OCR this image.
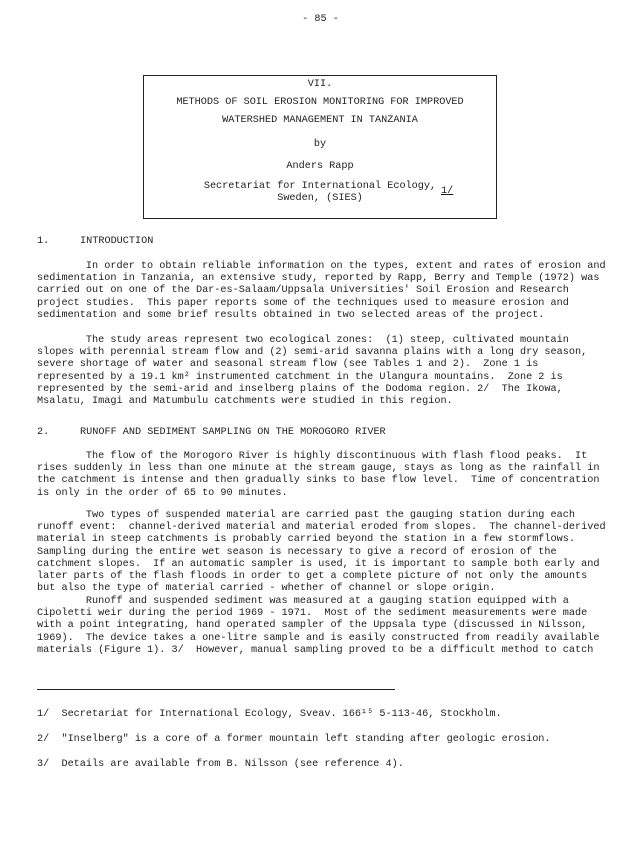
- 85 -
VII.
METHODS OF SOIL EROSION MONITORING FOR IMPROVED
WATERSHED MANAGEMENT IN TANZANIA
by
Anders Rapp
Secretariat for International Ecology, 1/
Sweden, (SIES)
1.	INTRODUCTION
In order to obtain reliable information on the types, extent and rates of erosion and
sedimentation in Tanzania, an extensive study, reported by Rapp, Berry and Temple (1972) was
carried out on one of the Dar-es-Salaam/Uppsala Universities' Soil Erosion and Research
project studies.  This paper reports some of the techniques used to measure erosion and
sedimentation and some brief results obtained in two selected areas of the project.
The study areas represent two ecological zones:  (1) steep, cultivated mountain
slopes with perennial stream flow and (2) semi-arid savanna plains with a long dry season,
severe shortage of water and seasonal stream flow (see Tables 1 and 2).  Zone 1 is
represented by a 19.1 km² instrumented catchment in the Ulangura mountains.  Zone 2 is
represented by the semi-arid and inselberg plains of the Dodoma region. 2/  The Ikowa,
Msalatu, Imagi and Matumbulu catchments were studied in this region.
2.	RUNOFF AND SEDIMENT SAMPLING ON THE MOROGORO RIVER
The flow of the Morogoro River is highly discontinuous with flash flood peaks.  It
rises suddenly in less than one minute at the stream gauge, stays as long as the rainfall in
the catchment is intense and then gradually sinks to base flow level.  Time of concentration
is only in the order of 65 to 90 minutes.
Two types of suspended material are carried past the gauging station during each
runoff event:  channel-derived material and material eroded from slopes.  The channel-derived
material in steep catchments is probably carried beyond the station in a few stormflows.
Sampling during the entire wet season is necessary to give a record of erosion of the
catchment slopes.  If an automatic sampler is used, it is important to sample both early and
later parts of the flash floods in order to get a complete picture of not only the amounts
but also the type of material carried - whether of channel or slope origin.
Runoff and suspended sediment was measured at a gauging station equipped with a
Cipoletti weir during the period 1969 - 1971.  Most of the sediment measurements were made
with a point integrating, hand operated sampler of the Uppsala type (discussed in Nilsson,
1969).  The device takes a one-litre sample and is easily constructed from readily available
materials (Figure 1). 3/  However, manual sampling proved to be a difficult method to catch
1/  Secretariat for International Ecology, Sveav. 166¹⁵ 5-113-46, Stockholm.
2/  "Inselberg" is a core of a former mountain left standing after geologic erosion.
3/  Details are available from B. Nilsson (see reference 4).
